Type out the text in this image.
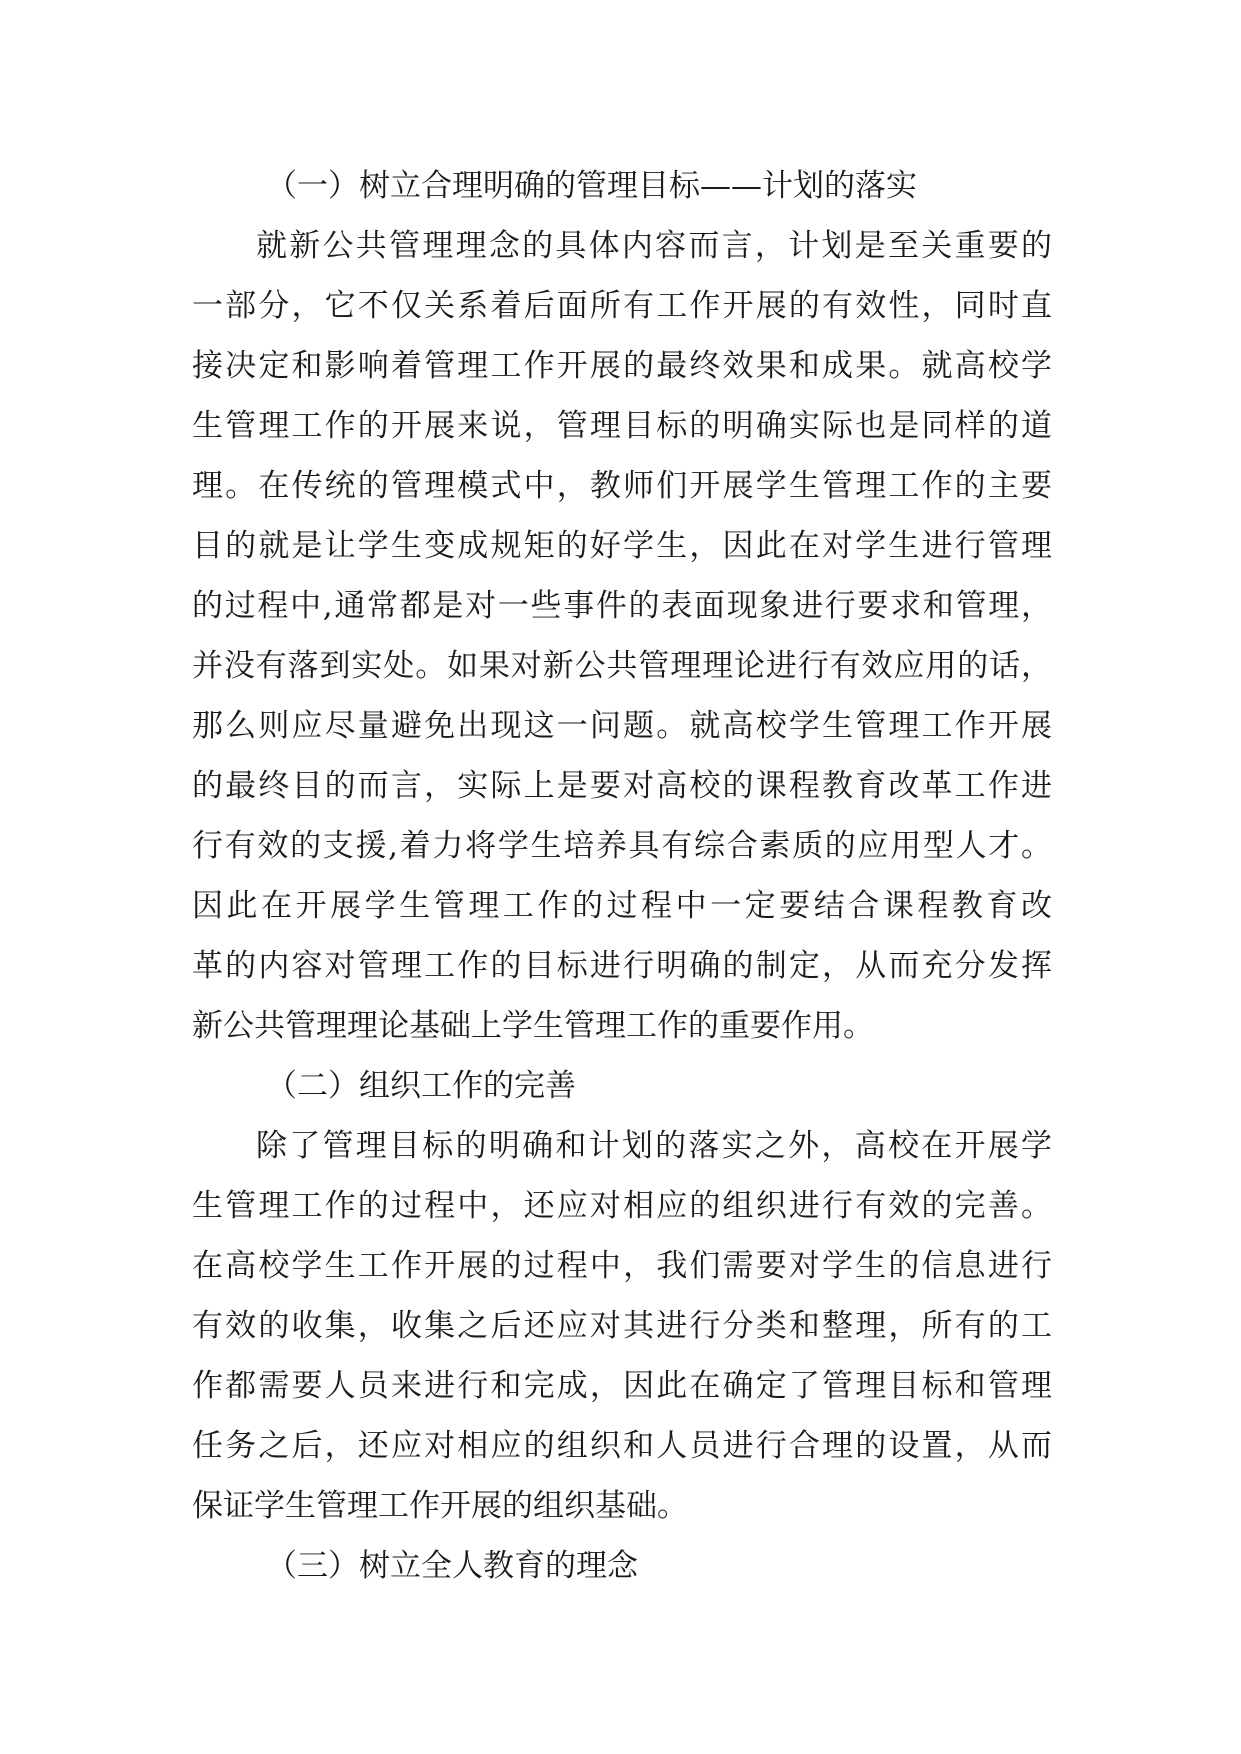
（一）树立合理明确的管理目标——计划的落实
就新公共管理理念的具体内容而言，计划是至关重要的
一部分，它不仅关系着后面所有工作开展的有效性，同时直
接决定和影响着管理工作开展的最终效果和成果。就高校学
生管理工作的开展来说，管理目标的明确实际也是同样的道
理。在传统的管理模式中，教师们开展学生管理工作的主要
目的就是让学生变成规矩的好学生，因此在对学生进行管理
的过程中,通常都是对一些事件的表面现象进行要求和管理，
并没有落到实处。如果对新公共管理理论进行有效应用的话，
那么则应尽量避免出现这一问题。就高校学生管理工作开展
的最终目的而言，实际上是要对高校的课程教育改革工作进
行有效的支援,着力将学生培养具有综合素质的应用型人才。
因此在开展学生管理工作的过程中一定要结合课程教育改
革的内容对管理工作的目标进行明确的制定，从而充分发挥
新公共管理理论基础上学生管理工作的重要作用。
（二）组织工作的完善
除了管理目标的明确和计划的落实之外，高校在开展学
生管理工作的过程中，还应对相应的组织进行有效的完善。
在高校学生工作开展的过程中，我们需要对学生的信息进行
有效的收集，收集之后还应对其进行分类和整理，所有的工
作都需要人员来进行和完成，因此在确定了管理目标和管理
任务之后，还应对相应的组织和人员进行合理的设置，从而
保证学生管理工作开展的组织基础。
（三）树立全人教育的理念
